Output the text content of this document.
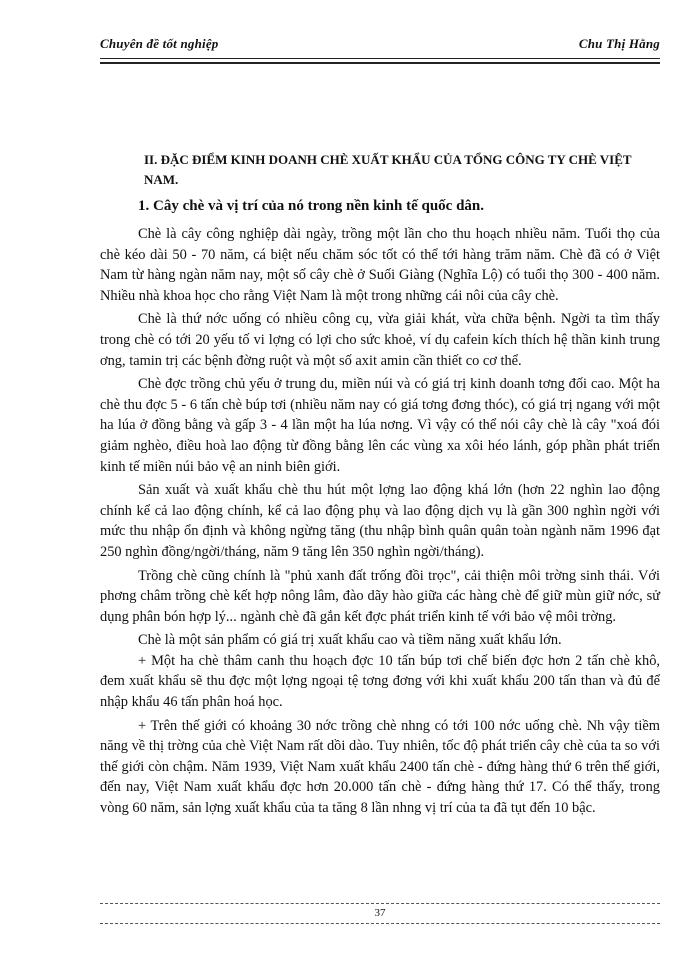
Chuyên đề tốt nghiệp	Chu Thị Hằng
II. ĐẶC ĐIỂM KINH DOANH CHÈ XUẤT KHẨU CỦA TỔNG CÔNG TY CHÈ VIỆT NAM.
1. Cây chè và vị trí của nó trong nền kinh tế quốc dân.

Chè là cây công nghiệp dài ngày, trồng một lần cho thu hoạch nhiều năm. Tuổi thọ của chè kéo dài 50 - 70 năm, cá biệt nếu chăm sóc tốt có thể tới hàng trăm năm. Chè đã có ở Việt Nam từ hàng ngàn năm nay, một số cây chè ở Suối Giàng (Nghĩa Lộ) có tuổi thọ 300 - 400 năm. Nhiều nhà khoa học cho rằng Việt Nam là một trong những cái nôi của cây chè.

Chè là thứ nớc uống có nhiều công cụ, vừa giải khát, vừa chữa bệnh. Ngời ta tìm thấy trong chè có tới 20 yếu tố vi lợng có lợi cho sức khoẻ, ví dụ cafein kích thích hệ thần kinh trung ơng, tamin trị các bệnh đờng ruột và một số axit amin cần thiết co cơ thể.

Chè đợc trồng chủ yếu ở trung du, miền núi và có giá trị kinh doanh tơng đối cao. Một ha chè thu đợc 5 - 6 tấn chè búp tơi (nhiều năm nay có giá tơng đơng thóc), có giá trị ngang với một ha lúa ở đồng bằng và gấp 3 - 4 lần một ha lúa nơng. Vì vậy có thể nói cây chè là cây "xoá đói giảm nghèo, điều hoà lao động từ đồng bằng lên các vùng xa xôi héo lánh, góp phần phát triển kinh tế miền núi bảo vệ an ninh biên giới.

Sản xuất và xuất khẩu chè thu hút một lợng lao động khá lớn (hơn 22 nghìn lao động chính kể cả lao động chính, kể cả lao động phụ và lao động dịch vụ là gần 300 nghìn ngời với mức thu nhập ổn định và không ngừng tăng (thu nhập bình quân quân toàn ngành năm 1996 đạt 250 nghìn đồng/ngời/tháng, năm 9 tăng lên 350 nghìn ngời/tháng).

Trồng chè cũng chính là "phủ xanh đất trống đồi trọc", cải thiện môi trờng sinh thái. Với phơng châm trồng chè kết hợp nông lâm, đào dãy hào giữa các hàng chè để giữ mùn giữ nớc, sử dụng phân bón hợp lý... ngành chè đã gắn kết đợc phát triển kinh tế với bảo vệ môi trờng.

Chè là một sản phẩm có giá trị xuất khẩu cao và tiềm năng xuất khẩu lớn.

+ Một ha chè thâm canh thu hoạch đợc 10 tấn búp tơi chế biến đợc hơn 2 tấn chè khô, đem xuất khẩu sẽ thu đợc một lợng ngoại tệ tơng đơng với khi xuất khẩu 200 tấn than và đủ để nhập khẩu 46 tấn phân hoá học.

+ Trên thế giới có khoảng 30 nớc trồng chè nhng có tới 100 nớc uống chè. Nh vậy tiềm năng về thị trờng của chè Việt Nam rất dồi dào. Tuy nhiên, tốc độ phát triển cây chè của ta so với thế giới còn chậm. Năm 1939, Việt Nam xuất khẩu 2400 tấn chè - đứng hàng thứ 6 trên thế giới, đến nay, Việt Nam xuất khẩu đợc hơn 20.000 tấn chè - đứng hàng thứ 17. Có thể thấy, trong vòng 60 năm, sản lợng xuất khẩu của ta tăng 8 lần nhng vị trí của ta đã tụt đến 10 bậc.

37
